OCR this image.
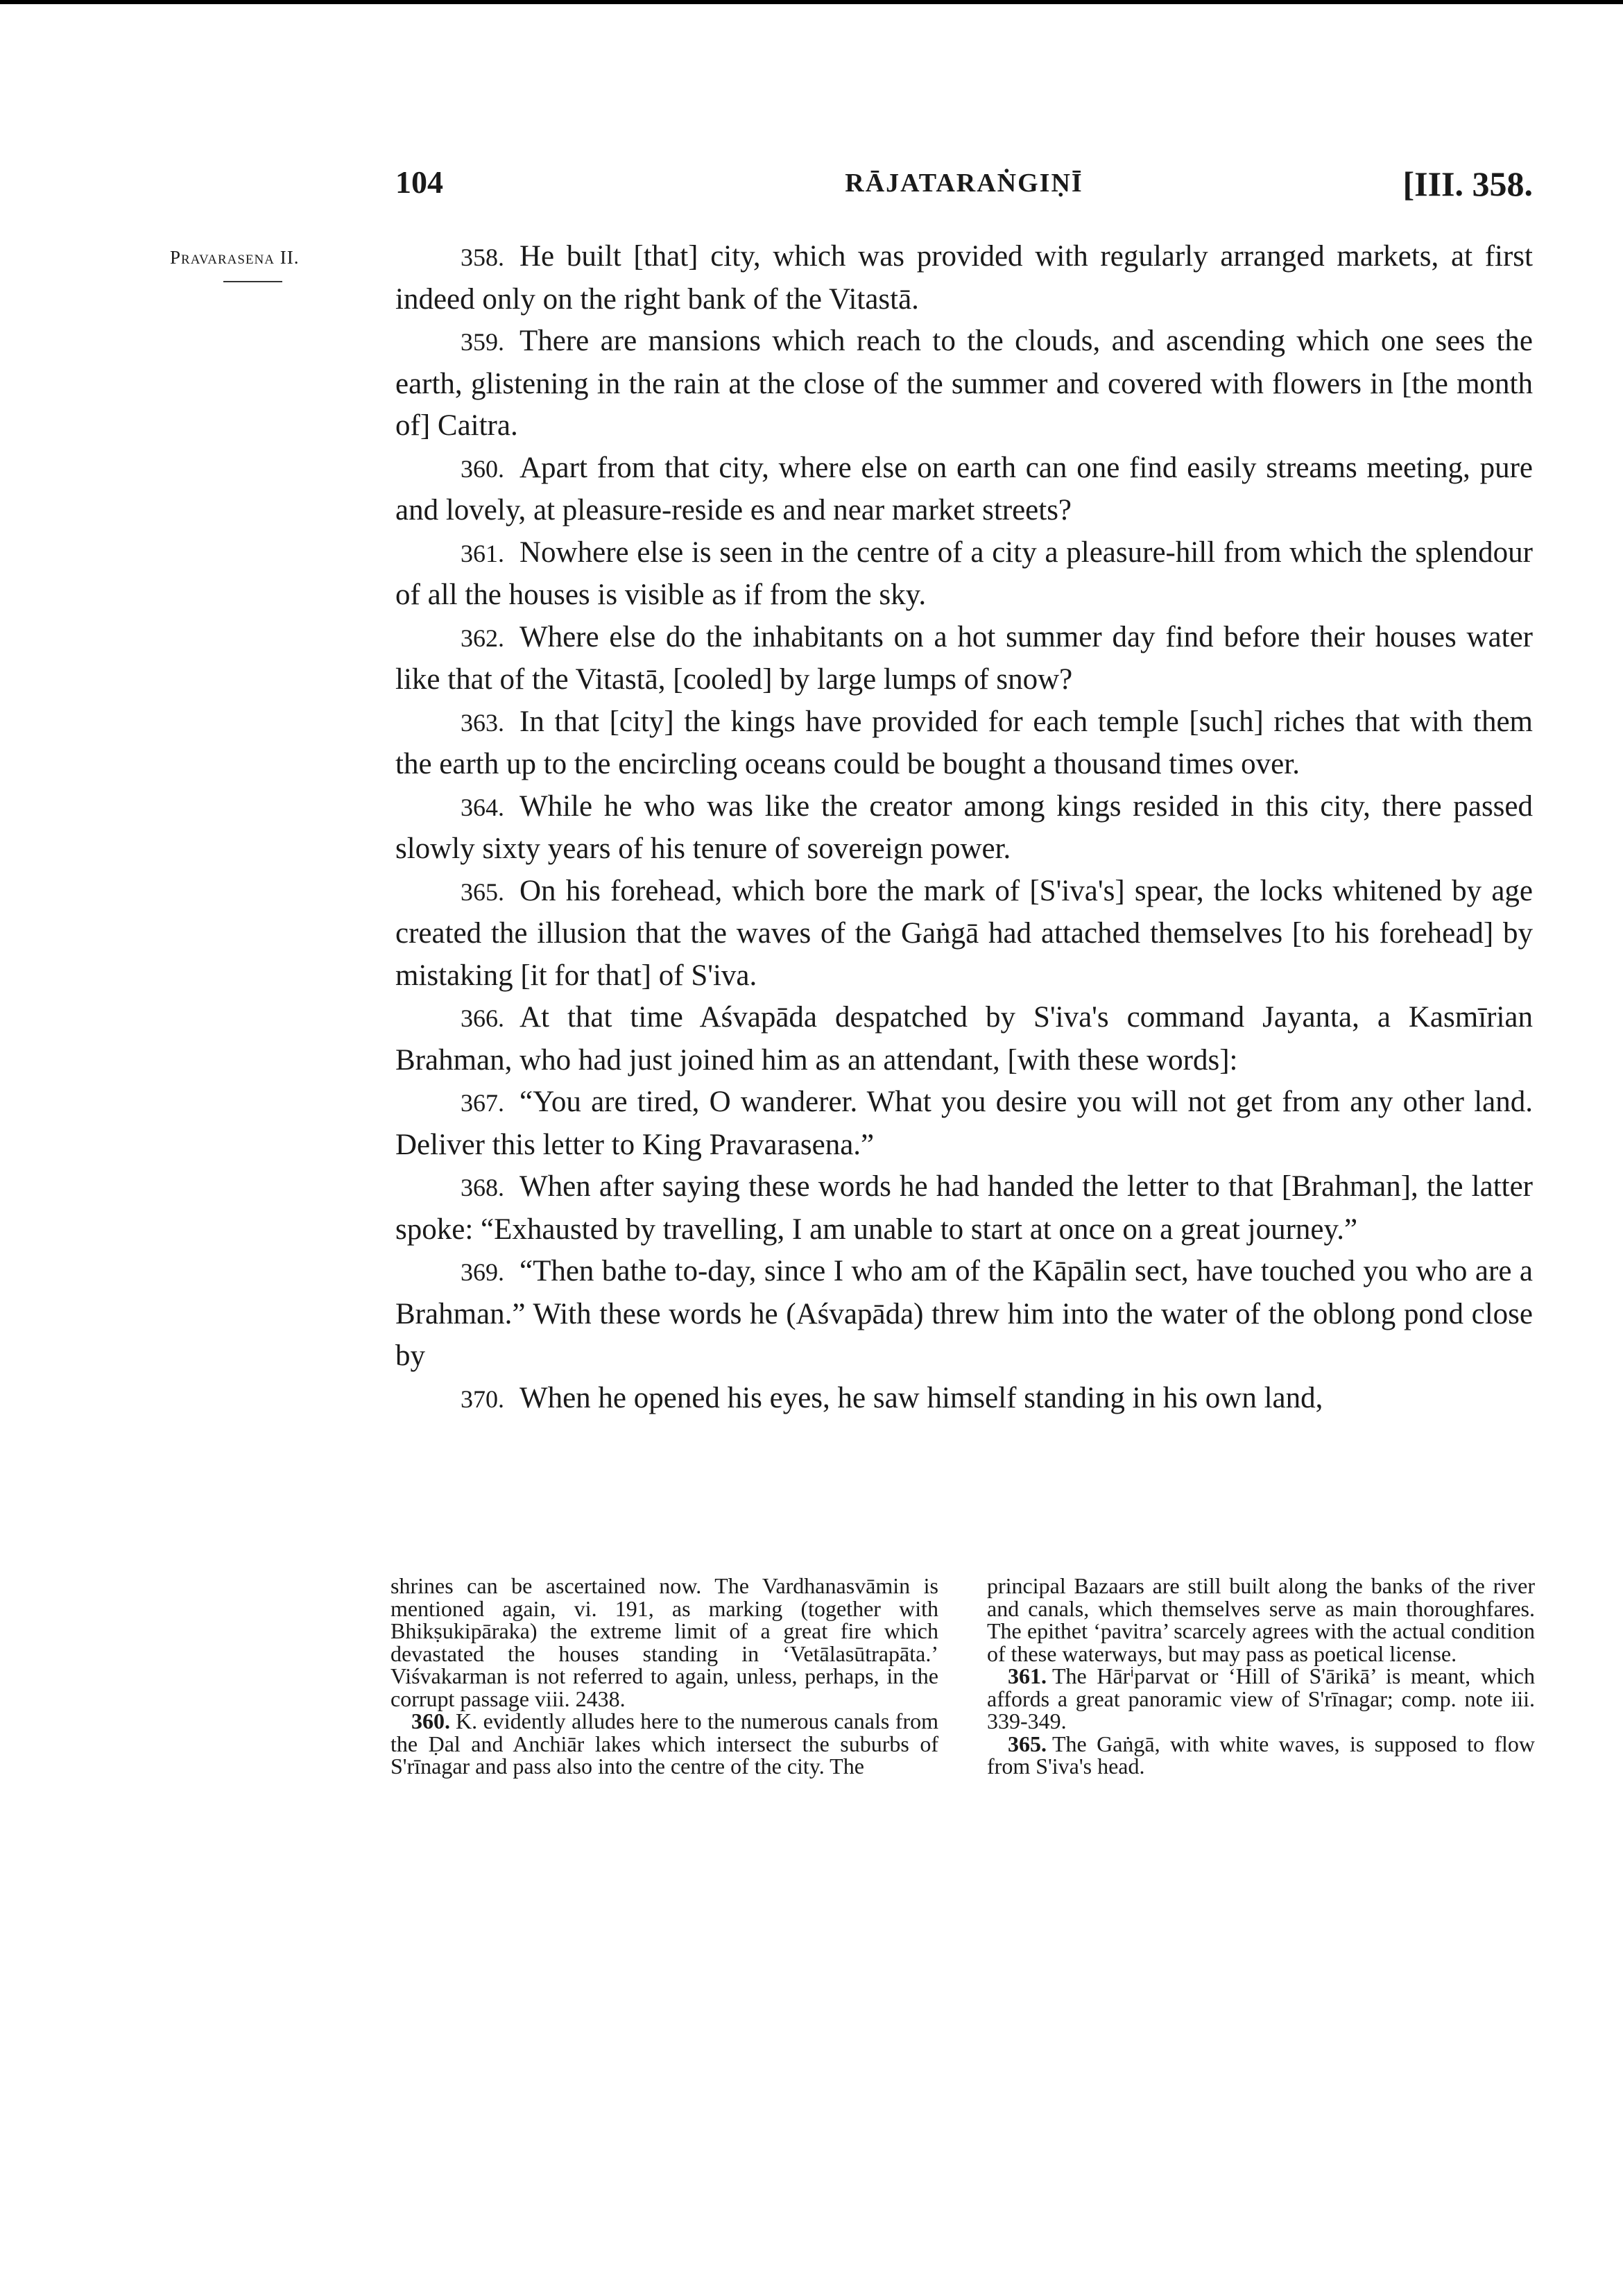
104	RĀJATARAṄGIṆĪ	[III. 358.
Pravarasena II.	358. He built [that] city, which was provided with regularly arranged markets, at first indeed only on the right bank of the Vitastā.

359. There are mansions which reach to the clouds, and ascending which one sees the earth, glistening in the rain at the close of the summer and covered with flowers in [the month of] Caitra.

360. Apart from that city, where else on earth can one find easily streams meeting, pure and lovely, at pleasure-reside es and near market streets?

361. Nowhere else is seen in the centre of a city a pleasure-hill from which the splendour of all the houses is visible as if from the sky.

362. Where else do the inhabitants on a hot summer day find before their houses water like that of the Vitastā, [cooled] by large lumps of snow?

363. In that [city] the kings have provided for each temple [such] riches that with them the earth up to the encircling oceans could be bought a thousand times over.

364. While he who was like the creator among kings resided in this city, there passed slowly sixty years of his tenure of sovereign power.

365. On his forehead, which bore the mark of [S'iva's] spear, the locks whitened by age created the illusion that the waves of the Gaṅgā had attached themselves [to his forehead] by mistaking [it for that] of S'iva.

366. At that time Aśvapāda despatched by S'iva's command Jayanta, a Kasmīrian Brahman, who had just joined him as an attendant, [with these words]:

367. “You are tired, O wanderer. What you desire you will not get from any other land. Deliver this letter to King Pravarasena.”

368. When after saying these words he had handed the letter to that [Brahman], the latter spoke: “Exhausted by travelling, I am unable to start at once on a great journey.”

369. “Then bathe to-day, since I who am of the Kāpālin sect, have touched you who are a Brahman.” With these words he (Aśvapāda) threw him into the water of the oblong pond close by

370. When he opened his eyes, he saw himself standing in his own land,

shrines can be ascertained now. The Vardhanasvāmin is mentioned again, vi. 191, as marking (together with Bhikṣukipāraka) the extreme limit of a great fire which devastated the houses standing in ‘Vetālasūtrapāta.’ Viśvakarman is not referred to again, unless, perhaps, in the corrupt passage viii. 2438.

360. K. evidently alludes here to the numerous canals from the Ḍal and Anchiār lakes which intersect the suburbs of S'rīnagar and pass also into the centre of the city. The

principal Bazaars are still built along the banks of the river and canals, which themselves serve as main thoroughfares. The epithet ‘pavitra’ scarcely agrees with the actual condition of these waterways, but may pass as poetical license.

361. The Hārⁱparvat or ‘Hill of S'ārikā’ is meant, which affords a great panoramic view of S'rīnagar; comp. note iii. 339-349.

365. The Gaṅgā, with white waves, is supposed to flow from S'iva's head.
